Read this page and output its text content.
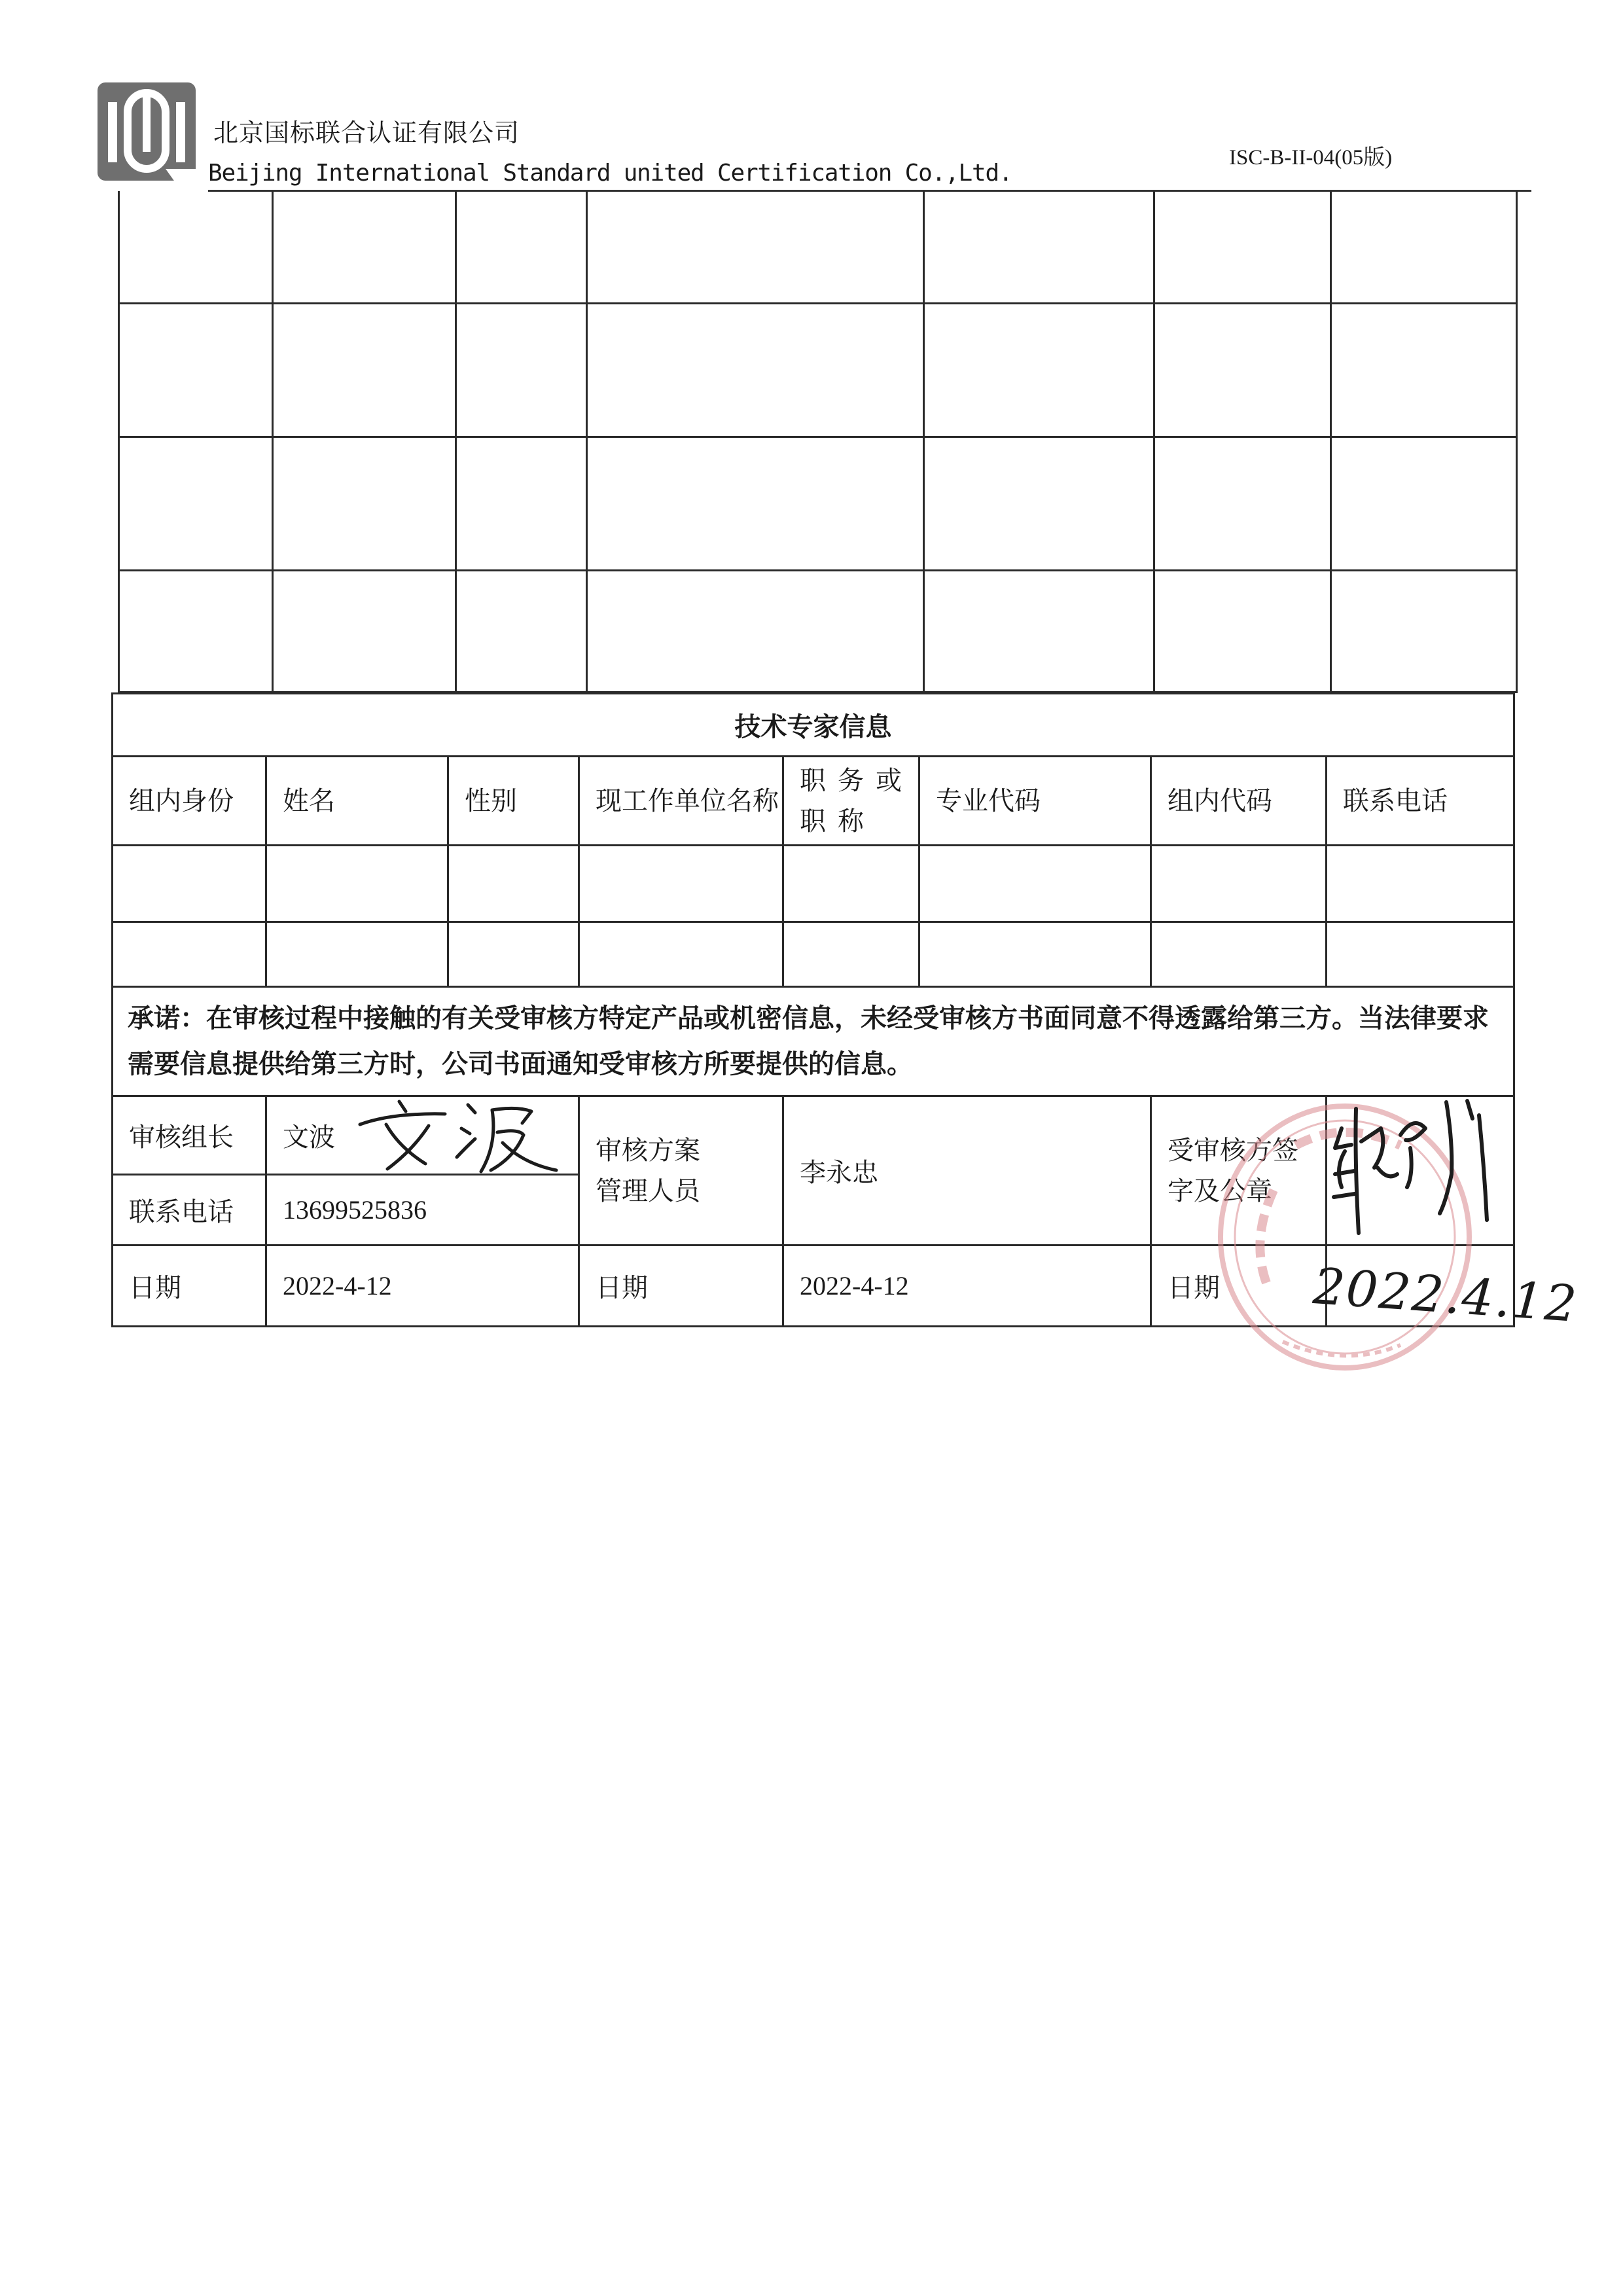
北京国标联合认证有限公司
Beijing International Standard united Certification Co.,Ltd.
ISC-B-II-04(05版)

技术专家信息							
组内身份	姓名	性别	现工作单位名称	职务或职称	专业代码	组内代码	联系电话

承诺：在审核过程中接触的有关受审核方特定产品或机密信息，未经受审核方书面同意不得透露给第三方。当法律要求需要信息提供给第三方时，公司书面通知受审核方所要提供的信息。							
审核组长	文波		审核方案管理人员	李永忠		受审核方签字及公章	
联系电话	13699525836						
日期	2022-4-12		日期	2022-4-12		日期	2022.4.12
